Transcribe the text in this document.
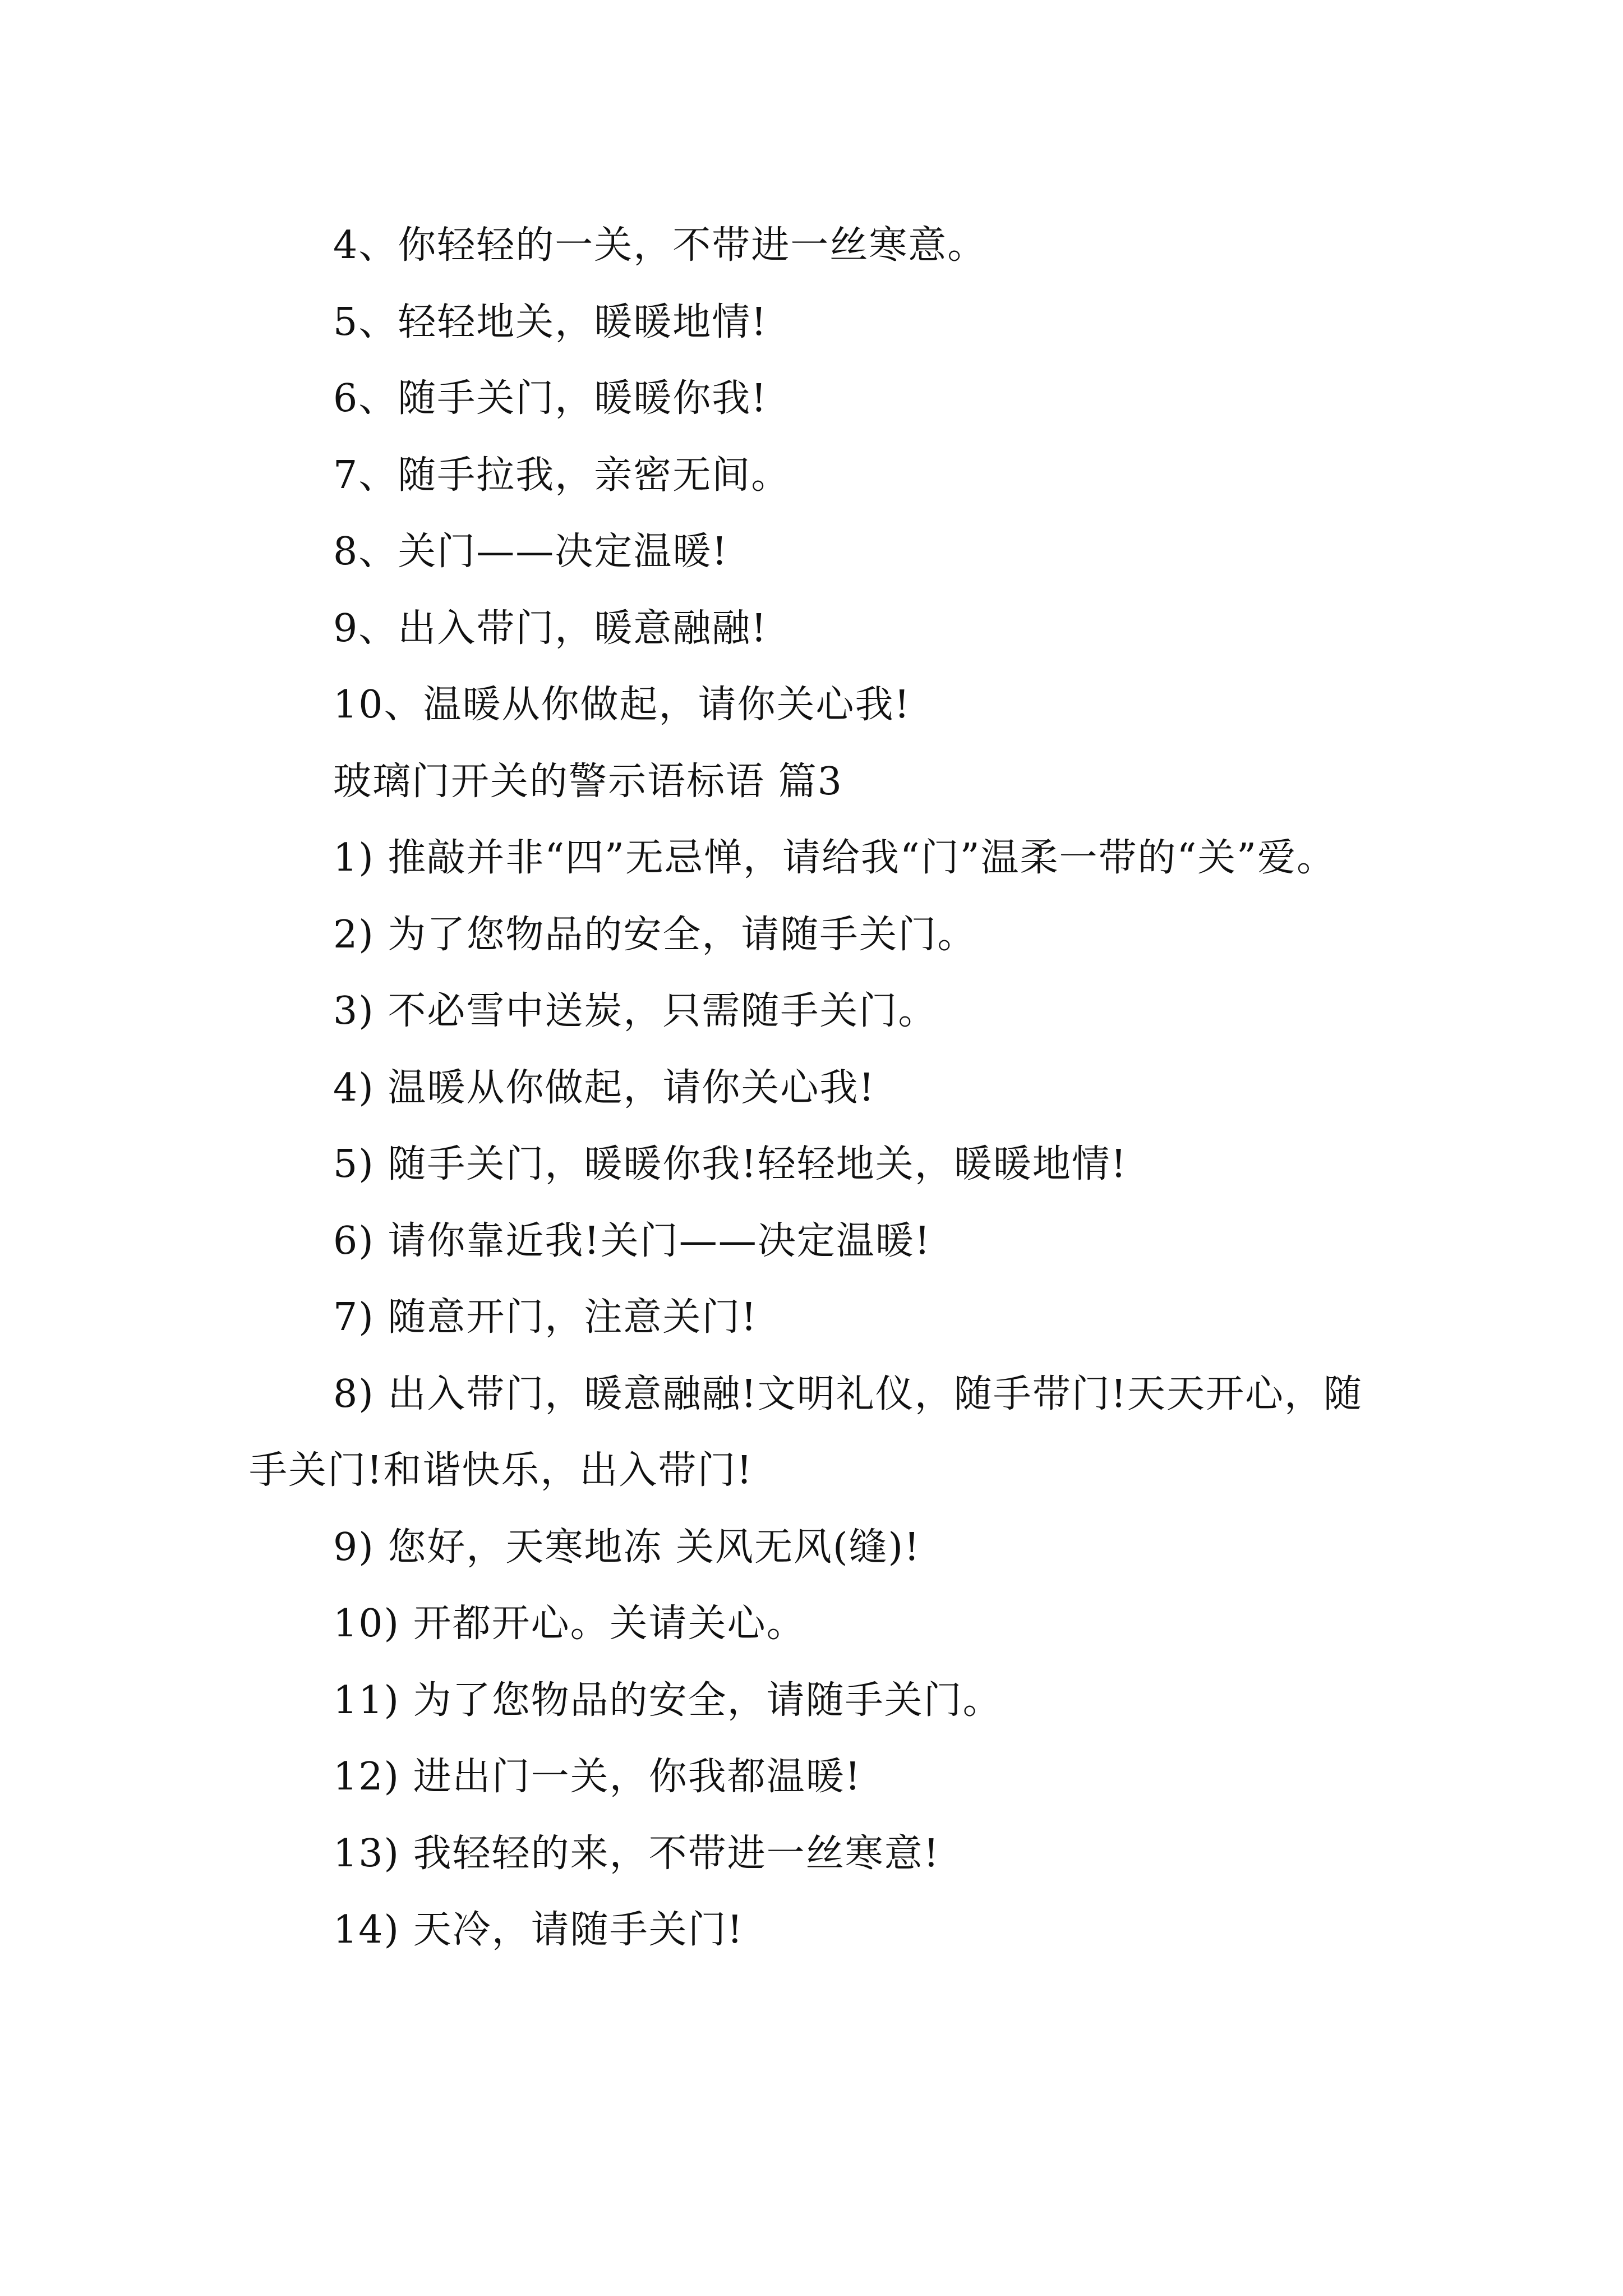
4、你轻轻的一关，不带进一丝寒意。
5、轻轻地关，暖暖地情!
6、随手关门，暖暖你我!
7、随手拉我，亲密无间。
8、关门——决定温暖!
9、出入带门，暖意融融!
10、温暖从你做起，请你关心我!
玻璃门开关的警示语标语 篇3
1) 推敲并非“四”无忌惮，请给我“门”温柔一带的“关”爱。
2) 为了您物品的安全，请随手关门。
3) 不必雪中送炭，只需随手关门。
4) 温暖从你做起，请你关心我!
5) 随手关门，暖暖你我!轻轻地关，暖暖地情!
6) 请你靠近我!关门——决定温暖!
7) 随意开门，注意关门!
8) 出入带门，暖意融融!文明礼仪，随手带门!天天开心，随手关门!和谐快乐，出入带门!
9) 您好，天寒地冻 关风无风(缝)!
10) 开都开心。关请关心。
11) 为了您物品的安全，请随手关门。
12) 进出门一关，你我都温暖!
13) 我轻轻的来，不带进一丝寒意!
14) 天冷，请随手关门!
